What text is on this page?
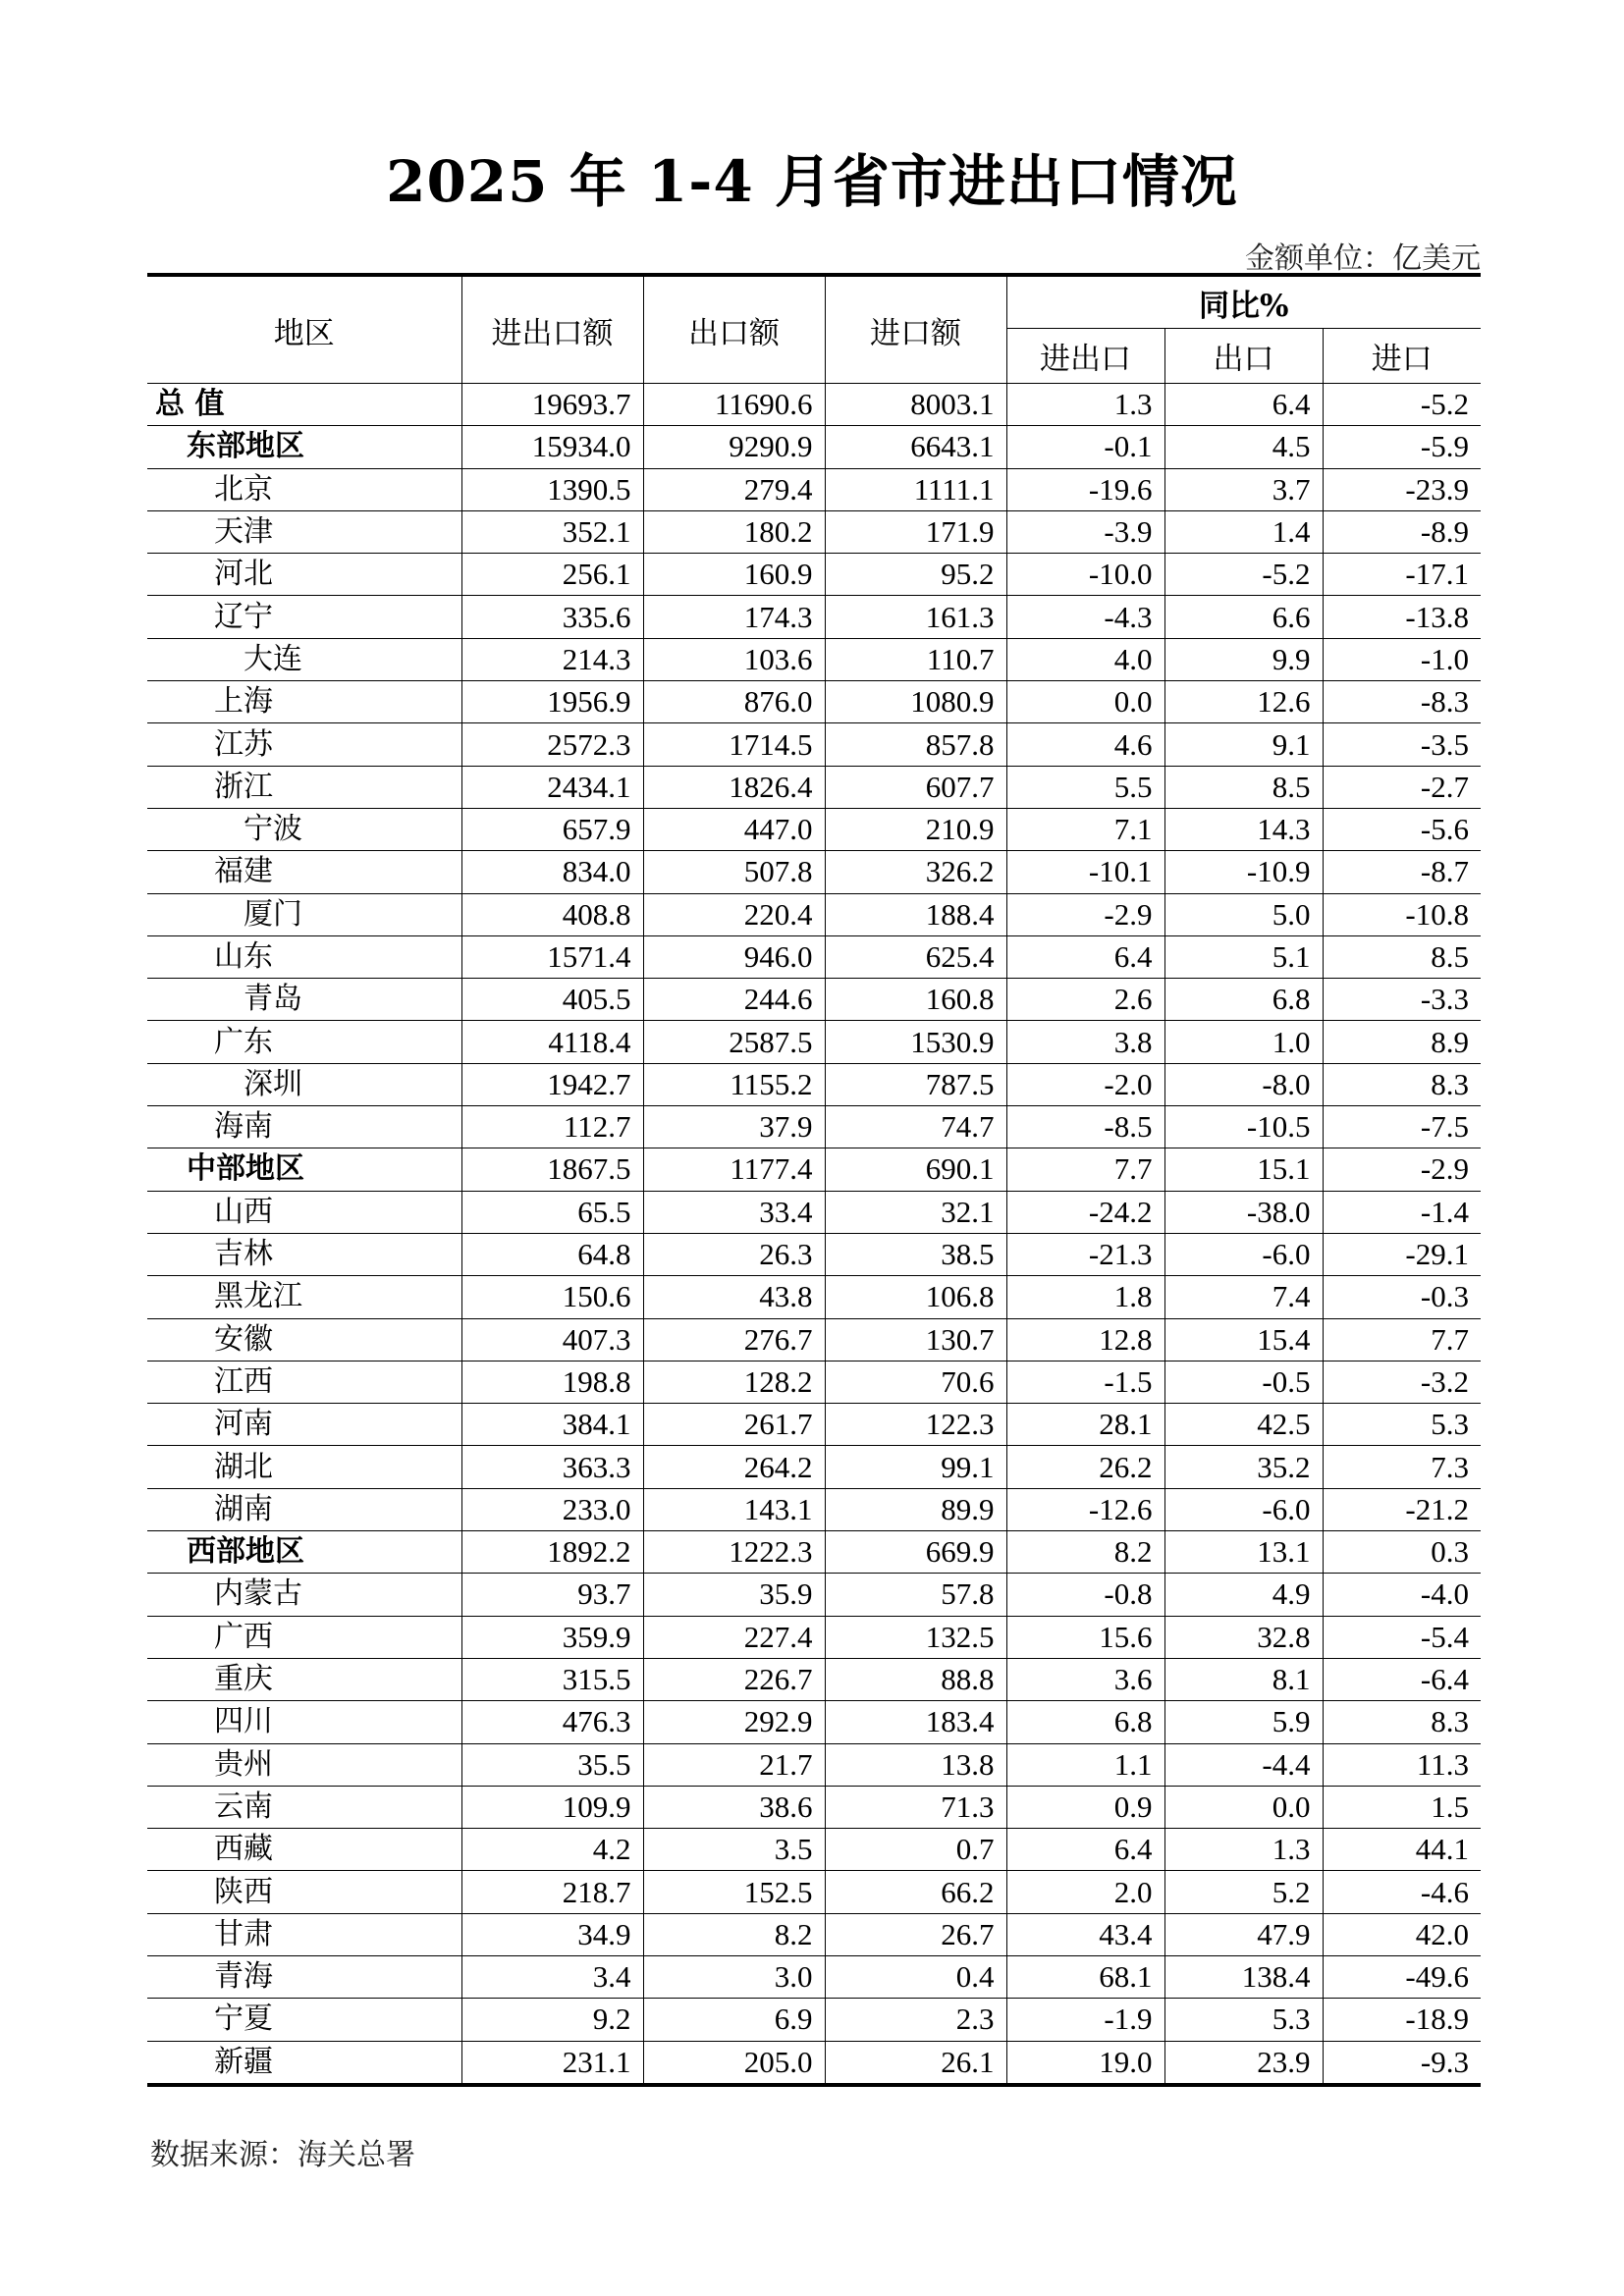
2025 年 1-4 月省市进出口情况
金额单位：亿美元
地区	进出口额	出口额	进口额	同比%		
				进出口	出口	进口
总 值	19693.7	11690.6	8003.1	1.3	6.4	-5.2
东部地区	15934.0	9290.9	6643.1	-0.1	4.5	-5.9
北京	1390.5	279.4	1111.1	-19.6	3.7	-23.9
天津	352.1	180.2	171.9	-3.9	1.4	-8.9
河北	256.1	160.9	95.2	-10.0	-5.2	-17.1
辽宁	335.6	174.3	161.3	-4.3	6.6	-13.8
大连	214.3	103.6	110.7	4.0	9.9	-1.0
上海	1956.9	876.0	1080.9	0.0	12.6	-8.3
江苏	2572.3	1714.5	857.8	4.6	9.1	-3.5
浙江	2434.1	1826.4	607.7	5.5	8.5	-2.7
宁波	657.9	447.0	210.9	7.1	14.3	-5.6
福建	834.0	507.8	326.2	-10.1	-10.9	-8.7
厦门	408.8	220.4	188.4	-2.9	5.0	-10.8
山东	1571.4	946.0	625.4	6.4	5.1	8.5
青岛	405.5	244.6	160.8	2.6	6.8	-3.3
广东	4118.4	2587.5	1530.9	3.8	1.0	8.9
深圳	1942.7	1155.2	787.5	-2.0	-8.0	8.3
海南	112.7	37.9	74.7	-8.5	-10.5	-7.5
中部地区	1867.5	1177.4	690.1	7.7	15.1	-2.9
山西	65.5	33.4	32.1	-24.2	-38.0	-1.4
吉林	64.8	26.3	38.5	-21.3	-6.0	-29.1
黑龙江	150.6	43.8	106.8	1.8	7.4	-0.3
安徽	407.3	276.7	130.7	12.8	15.4	7.7
江西	198.8	128.2	70.6	-1.5	-0.5	-3.2
河南	384.1	261.7	122.3	28.1	42.5	5.3
湖北	363.3	264.2	99.1	26.2	35.2	7.3
湖南	233.0	143.1	89.9	-12.6	-6.0	-21.2
西部地区	1892.2	1222.3	669.9	8.2	13.1	0.3
内蒙古	93.7	35.9	57.8	-0.8	4.9	-4.0
广西	359.9	227.4	132.5	15.6	32.8	-5.4
重庆	315.5	226.7	88.8	3.6	8.1	-6.4
四川	476.3	292.9	183.4	6.8	5.9	8.3
贵州	35.5	21.7	13.8	1.1	-4.4	11.3
云南	109.9	38.6	71.3	0.9	0.0	1.5
西藏	4.2	3.5	0.7	6.4	1.3	44.1
陕西	218.7	152.5	66.2	2.0	5.2	-4.6
甘肃	34.9	8.2	26.7	43.4	47.9	42.0
青海	3.4	3.0	0.4	68.1	138.4	-49.6
宁夏	9.2	6.9	2.3	-1.9	5.3	-18.9
新疆	231.1	205.0	26.1	19.0	23.9	-9.3
数据来源：海关总署
